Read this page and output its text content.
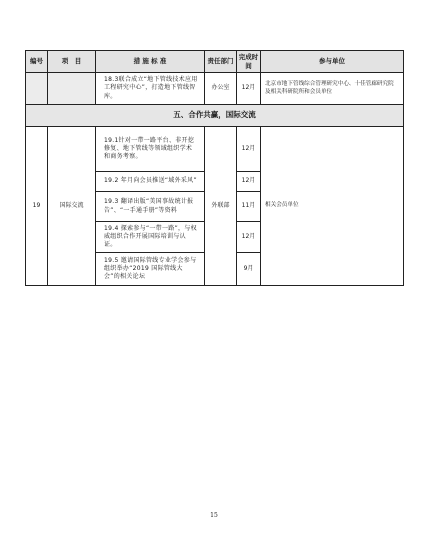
编号	项　目	措 施 标 准	责任部门	完成时间	参与单位
		18.3联合成立“地下管线技术应用工程研究中心”，打造地下管线智库。	办公室	12月	北京市地下管线综合管理研究中心、十佳管廊研究院及相关科研院所和会员单位
五、合作共赢，国际交流					
19	国际交流	19.1针对一带一路平台、非开挖修复、地下管线等领域组织学术和商务考察。	外联部	12月	相关会员单位
		19.2 年月向会员推送“域外采风”		12月	
		19.3 翻译出版“美国事故统计报告”、“一手通手册”等资料		11月	
		19.4 探索参与“一带一路”，与权威组织合作开展国际培训与认证。		12月	
		19.5 邀请国际管线专业学会参与组织举办“2019 国际管线大会”的相关论坛		9月	
15
